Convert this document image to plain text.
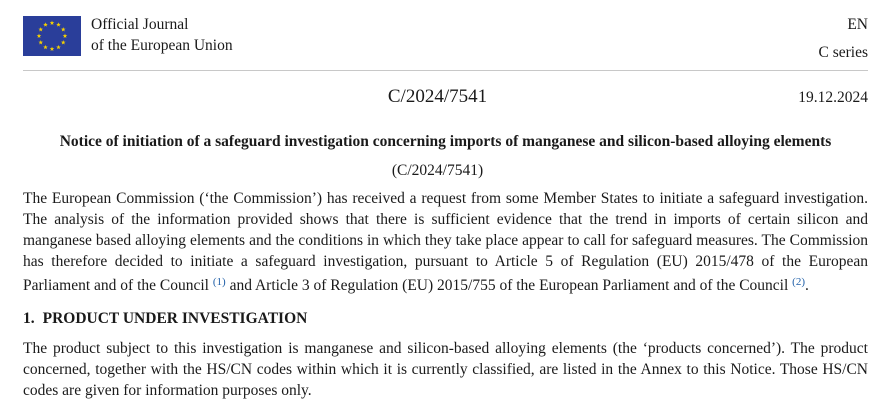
Official Journal
of the European Union
EN
C series
C/2024/7541	19.12.2024
Notice of initiation of a safeguard investigation concerning imports of manganese and silicon-based alloying elements
(C/2024/7541)
The European Commission (‘the Commission’) has received a request from some Member States to initiate a safeguard investigation. The analysis of the information provided shows that there is sufficient evidence that the trend in imports of certain silicon and manganese based alloying elements and the conditions in which they take place appear to call for safeguard measures. The Commission has therefore decided to initiate a safeguard investigation, pursuant to Article 5 of Regulation (EU) 2015/478 of the European Parliament and of the Council $^{(1)}$ and Article 3 of Regulation (EU) 2015/755 of the European Parliament and of the Council $^{(2)}$.
1. PRODUCT UNDER INVESTIGATION
The product subject to this investigation is manganese and silicon-based alloying elements (the ‘products concerned’). The product concerned, together with the HS/CN codes within which it is currently classified, are listed in the Annex to this Notice. Those HS/CN codes are given for information purposes only.
